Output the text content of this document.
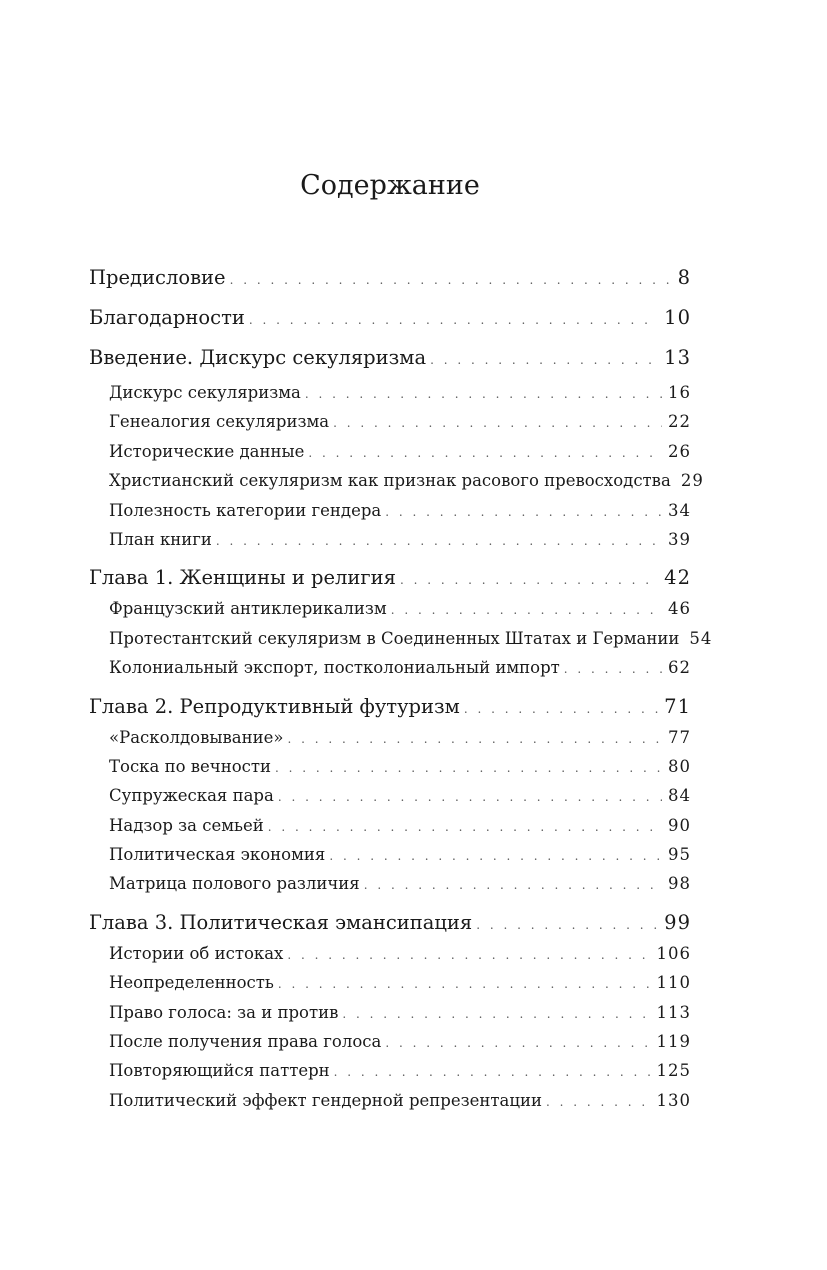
Содержание
Предисловие . . .	8
Благодарности . . .	10
Введение. Дискурс секуляризма . . .	13
Дискурс секуляризма . . .	16
Генеалогия секуляризма . . .	22
Исторические данные . . .	26
Христианский секуляризм как признак расового превосходства 29
Полезность категории гендера . . .	34
План книги . . .	39
Глава 1. Женщины и религия . . .	42
Французский антиклерикализм . . .	46
Протестантский секуляризм в Соединенных Штатах и Германии 54
Колониальный экспорт, постколониальный импорт . . .	62
Глава 2. Репродуктивный футуризм . . .	71
«Расколдовывание» . . .	77
Тоска по вечности . . .	80
Супружеская пара . . .	84
Надзор за семьей . . .	90
Политическая экономия . . .	95
Матрица полового различия . . .	98
Глава 3. Политическая эмансипация . . .	99
Истории об истоках . . .	106
Неопределенность . . .	110
Право голоса: за и против . . .	113
После получения права голоса . . .	119
Повторяющийся паттерн . . .	125
Политический эффект гендерной репрезентации . . .	130
